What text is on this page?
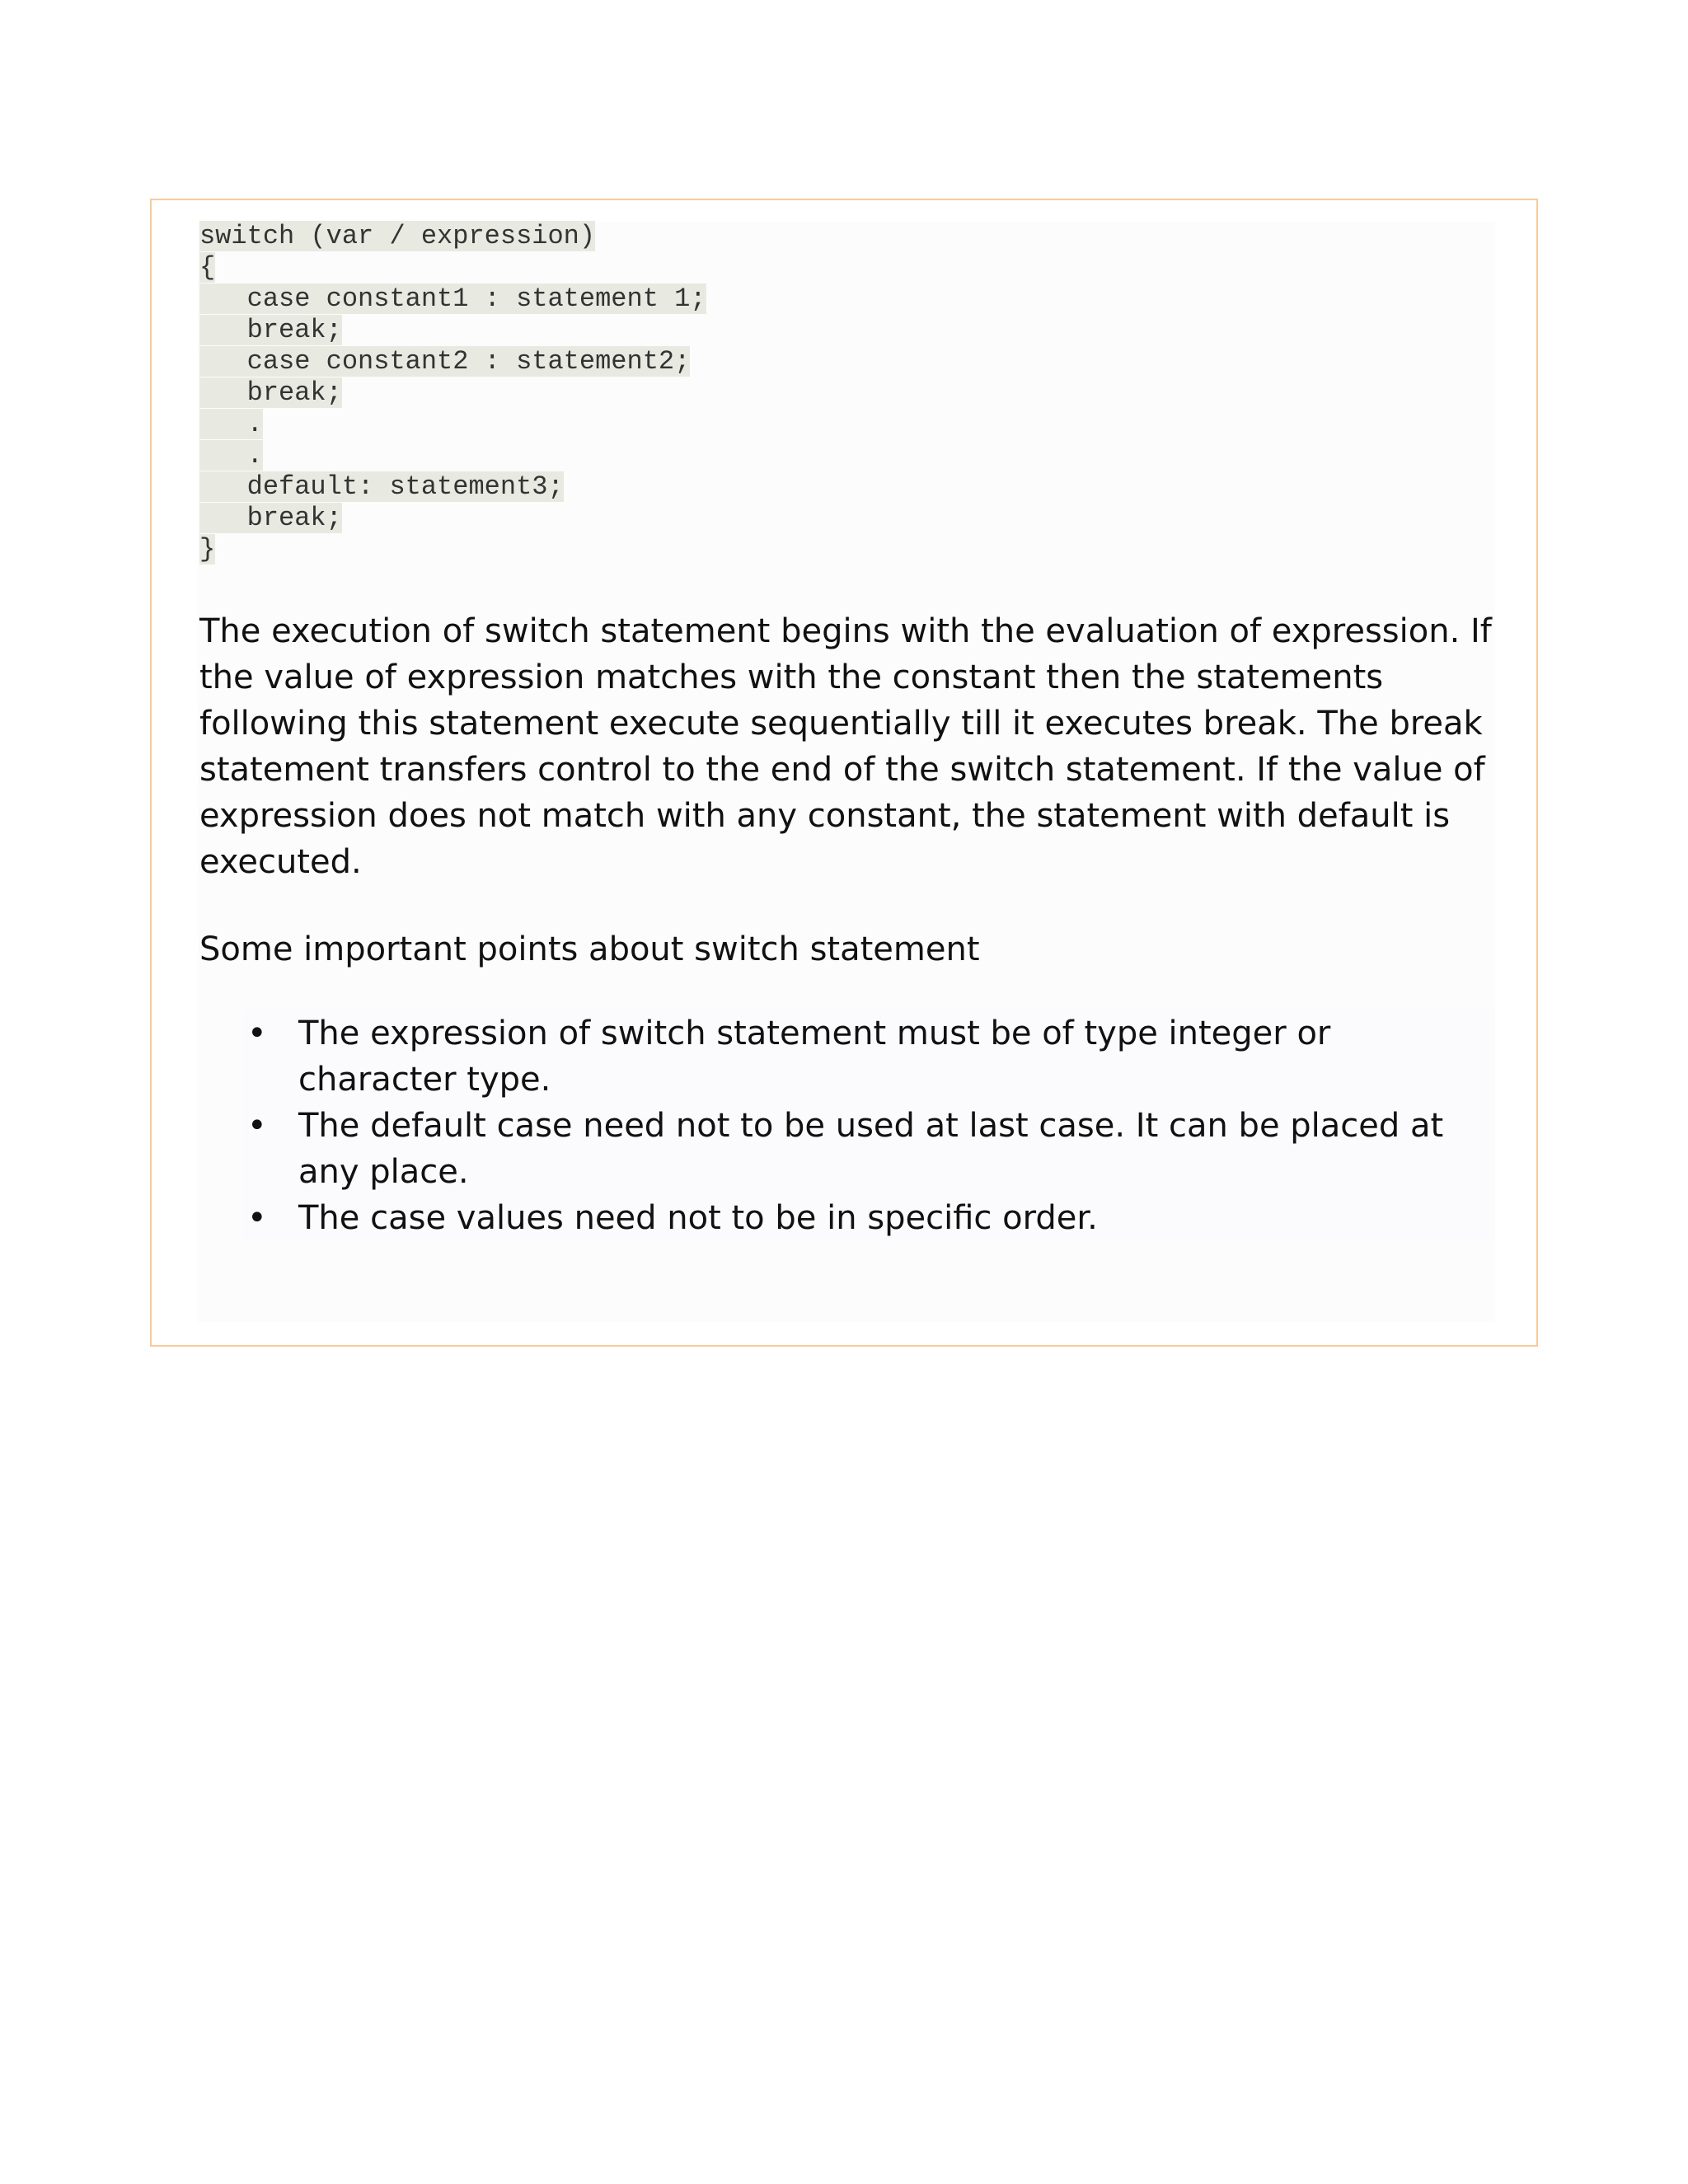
switch (var / expression)
{
case constant1 : statement 1;
break;
case constant2 : statement2;
break;
.
.
default: statement3;
break;
}

The execution of switch statement begins with the evaluation of expression. If the value of expression matches with the constant then the statements following this statement execute sequentially till it executes break. The break statement transfers control to the end of the switch statement. If the value of expression does not match with any constant, the statement with default is executed.

Some important points about switch statement

• The expression of switch statement must be of type integer or character type.
• The default case need not to be used at last case. It can be placed at any place.
• The case values need not to be in specific order.
